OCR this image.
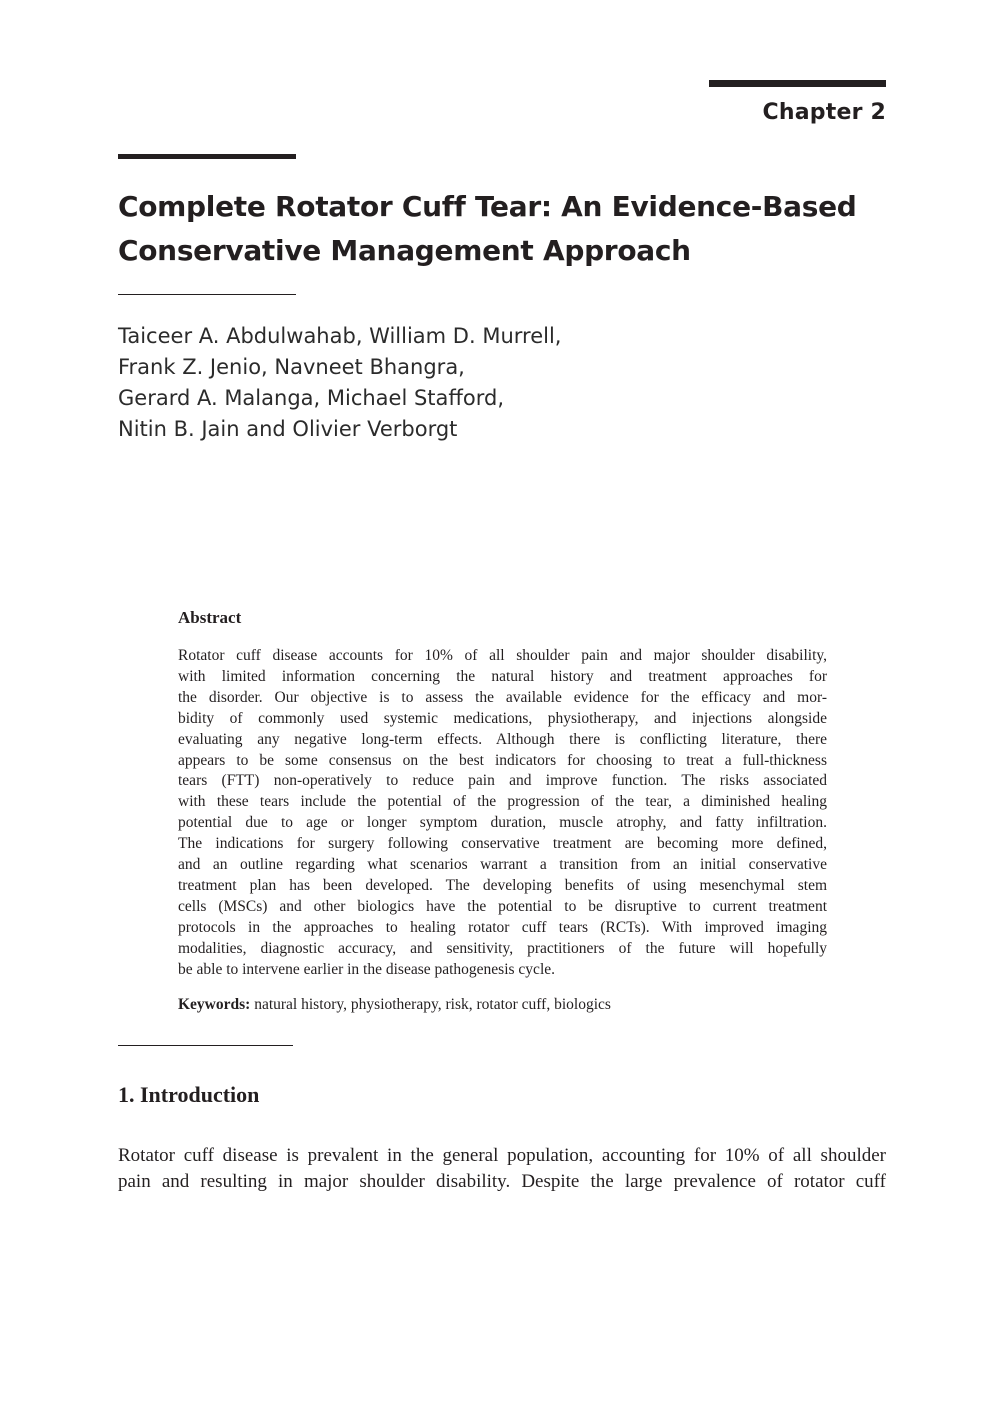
Chapter 2
Complete Rotator Cuff Tear: An Evidence-Based
Conservative Management Approach
Taiceer A. Abdulwahab, William D. Murrell,
Frank Z. Jenio, Navneet Bhangra,
Gerard A. Malanga, Michael Stafford,
Nitin B. Jain and Olivier Verborgt
Abstract
Rotator cuff disease accounts for 10% of all shoulder pain and major shoulder disability,
with limited information concerning the natural history and treatment approaches for
the disorder. Our objective is to assess the available evidence for the efficacy and mor-
bidity of commonly used systemic medications, physiotherapy, and injections alongside
evaluating any negative long-term effects. Although there is conflicting literature, there
appears to be some consensus on the best indicators for choosing to treat a full-thickness
tears (FTT) non-operatively to reduce pain and improve function. The risks associated
with these tears include the potential of the progression of the tear, a diminished healing
potential due to age or longer symptom duration, muscle atrophy, and fatty infiltration.
The indications for surgery following conservative treatment are becoming more defined,
and an outline regarding what scenarios warrant a transition from an initial conservative
treatment plan has been developed. The developing benefits of using mesenchymal stem
cells (MSCs) and other biologics have the potential to be disruptive to current treatment
protocols in the approaches to healing rotator cuff tears (RCTs). With improved imaging
modalities, diagnostic accuracy, and sensitivity, practitioners of the future will hopefully
be able to intervene earlier in the disease pathogenesis cycle.
Keywords: natural history, physiotherapy, risk, rotator cuff, biologics
1. Introduction
Rotator cuff disease is prevalent in the general population, accounting for 10% of all shoulder
pain and resulting in major shoulder disability. Despite the large prevalence of rotator cuff
